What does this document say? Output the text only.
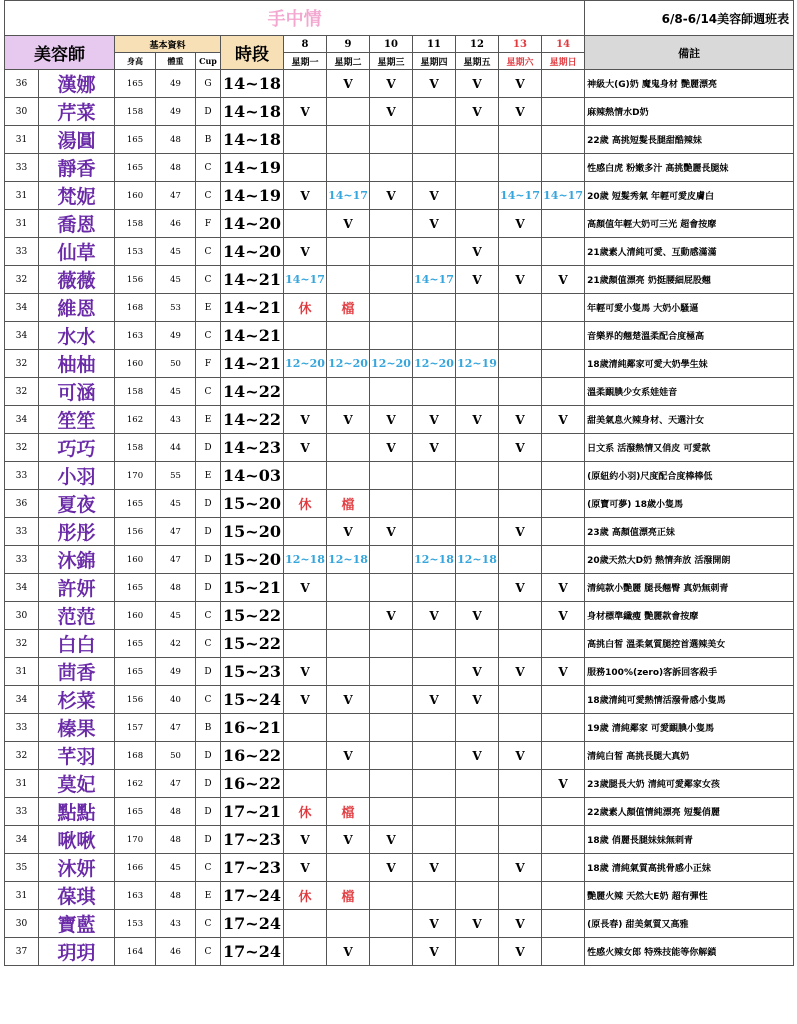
手中情													6/8-6/14美容師週班表
美容師		基本資料			時段	8	9	10	11	12	13	14	備註
		身高	體重	Cup		星期一	星期二	星期三	星期四	星期五	星期六	星期日	
36	漢娜	165	49	G	14~18		V	V	V	V	V		神級大(G)奶 魔鬼身材 艷麗漂亮
30	芹菜	158	49	D	14~18	V		V		V	V		麻辣熱情水D奶
31	湯圓	165	48	B	14~18								22歲 高挑短髮長腿甜酷辣妹
33	靜香	165	48	C	14~19								性感白虎 粉嫩多汁 高挑艷麗長腿妹
31	梵妮	160	47	C	14~19	V	14~17	V	V		14~17	14~17	20歲 短髮秀氣 年輕可愛皮膚白
31	喬恩	158	46	F	14~20		V		V		V		高顏值年輕大奶可三光 超會按摩
33	仙草	153	45	C	14~20	V				V			21歲素人清純可愛、互動感滿滿
32	薇薇	156	45	C	14~21	14~17			14~17	V	V	V	21歲顏值漂亮 奶挺腰細屁股翹
34	維恩	168	53	E	14~21	休	檔						年輕可愛小隻馬 大奶小騷逼
34	水水	163	49	C	14~21								音樂界的翹楚溫柔配合度極高
32	柚柚	160	50	F	14~21	12~20	12~20	12~20	12~20	12~19			18歲清純鄰家可愛大奶學生妹
32	可涵	158	45	C	14~22								溫柔靦腆少女系娃娃音
34	笙笙	162	43	E	14~22	V	V	V	V	V	V	V	甜美氣息火辣身材、天選汁女
32	巧巧	158	44	D	14~23	V		V	V		V		日文系 活潑熱情又俏皮 可愛款
33	小羽	170	55	E	14~03								(原紐約小羽)尺度配合度棒棒低
36	夏夜	165	45	D	15~20	休	檔						(原寶可夢) 18歲小隻馬
33	彤彤	156	47	D	15~20		V	V			V		23歲 高顏值漂亮正妹
33	沐錦	160	47	D	15~20	12~18	12~18		12~18	12~18			20歲天然大D奶 熱情奔放 活潑開朗
34	許妍	165	48	D	15~21	V					V	V	清純款小艷麗 腿長翹臀 真奶無刺青
30	范范	160	45	C	15~22			V	V	V		V	身材標準纖瘦 艷麗款會按摩
32	白白	165	42	C	15~22								高挑白皙 溫柔氣質腿控首選辣美女
31	茴香	165	49	D	15~23	V				V	V	V	服務100%(zero)客訴回客殺手
34	杉菜	156	40	C	15~24	V	V		V	V			18歲清純可愛熱情活潑骨感小隻馬
33	榛果	157	47	B	16~21								19歲 清純鄰家 可愛靦腆小隻馬
32	芊羽	168	50	D	16~22		V			V	V		清純白皙 高挑長腿大真奶
31	莫妃	162	47	D	16~22							V	23歲腿長大奶 清純可愛鄰家女孩
33	點點	165	48	D	17~21	休	檔						22歲素人顏值情純漂亮 短髮俏麗
34	啾啾	170	48	D	17~23	V	V	V					18歲 俏麗長腿妹妹無刺青
35	沐妍	166	45	C	17~23	V		V	V		V		18歲 清純氣質高挑骨感小正妹
31	葆琪	163	48	E	17~24	休	檔						艷麗火辣 天然大E奶 超有彈性
30	寶藍	153	43	C	17~24				V	V	V		(原長春) 甜美氣質又高雅
37	玥玥	164	46	C	17~24		V		V		V		性感火辣女郎 特殊技能等你解鎖
